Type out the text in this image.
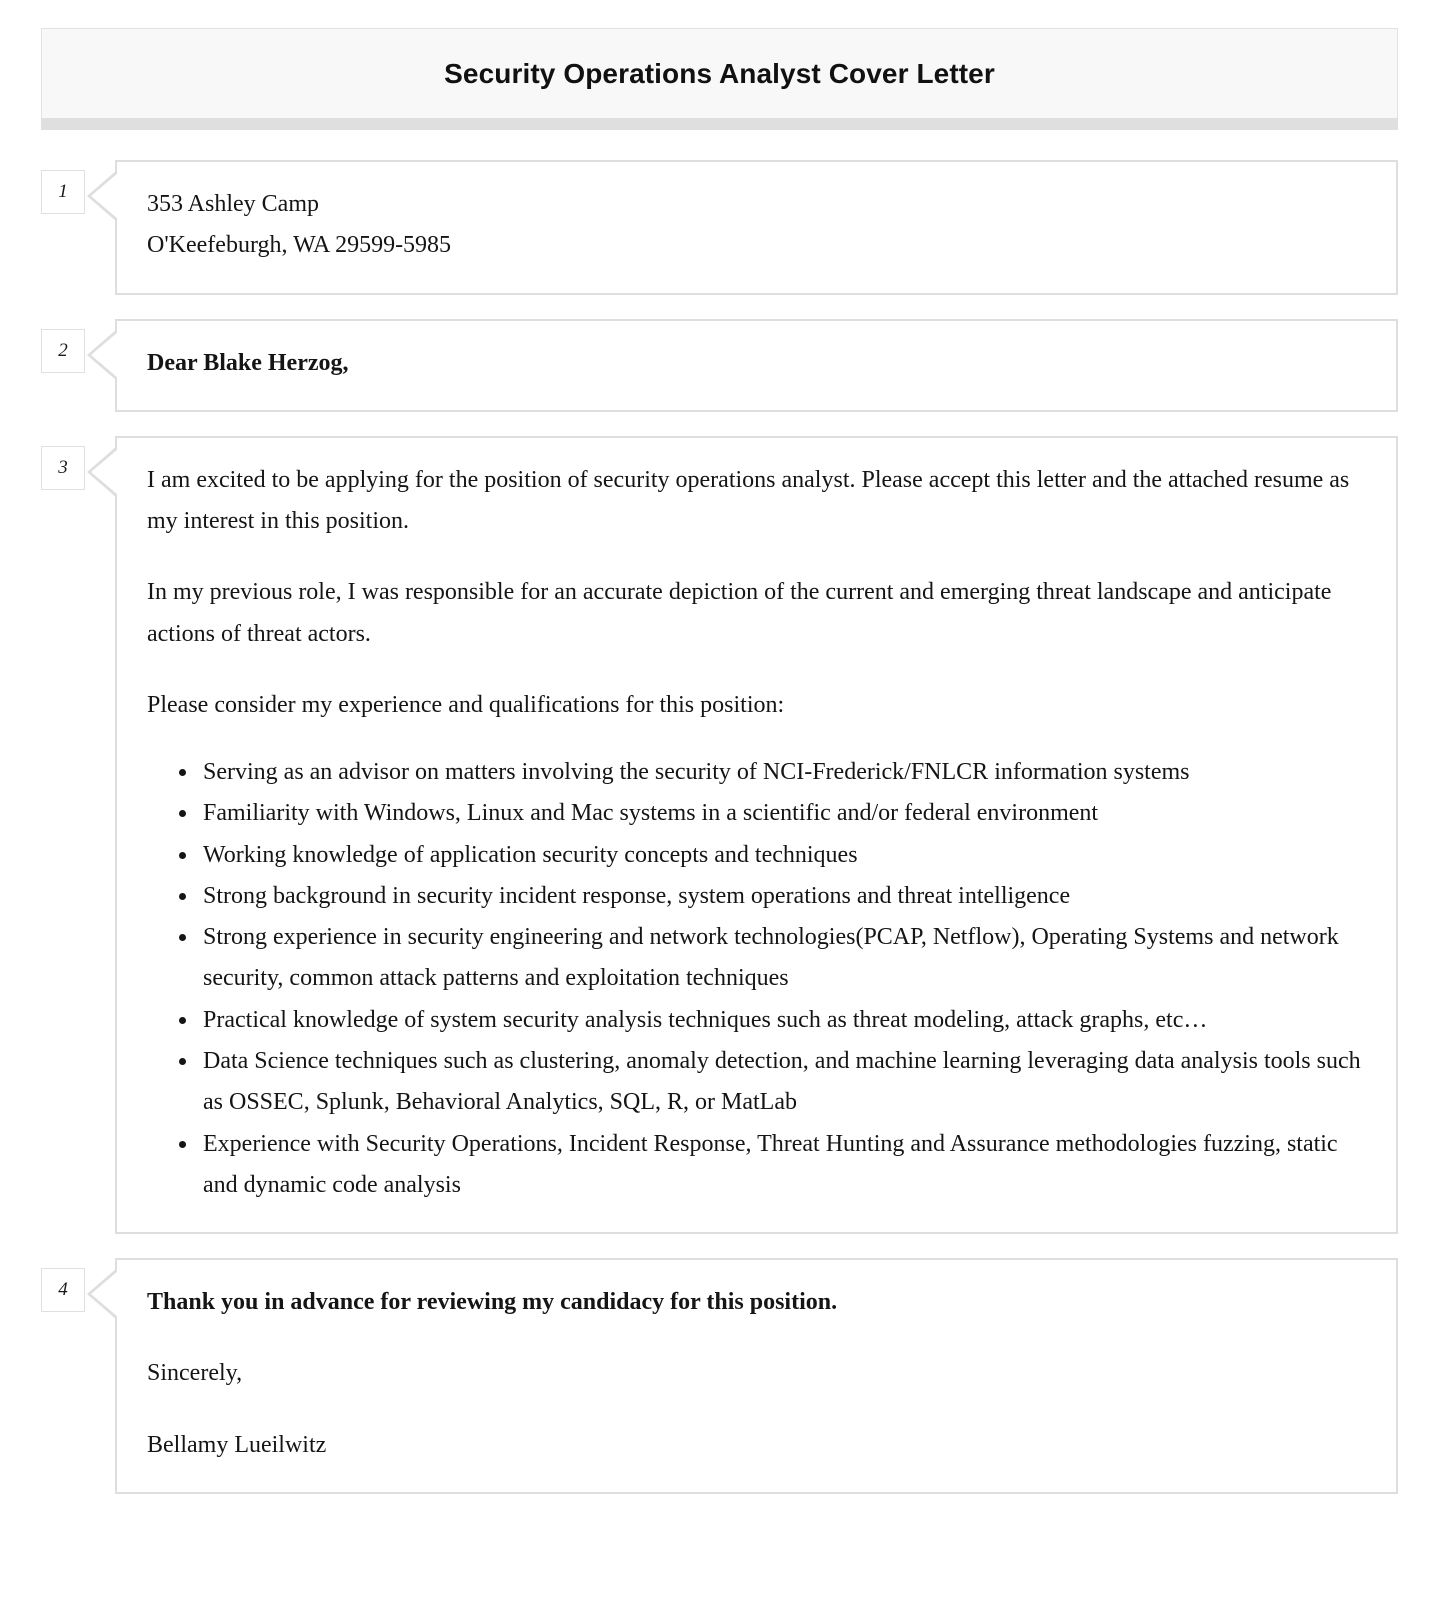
Security Operations Analyst Cover Letter
1	353 Ashley Camp
O'Keefeburgh, WA 29599-5985
2	Dear Blake Herzog,

3	I am excited to be applying for the position of security operations analyst. Please accept this letter and the attached resume as my interest in this position.

In my previous role, I was responsible for an accurate depiction of the current and emerging threat landscape and anticipate actions of threat actors.

Please consider my experience and qualifications for this position:

• Serving as an advisor on matters involving the security of NCI-Frederick/FNLCR information systems
• Familiarity with Windows, Linux and Mac systems in a scientific and/or federal environment
• Working knowledge of application security concepts and techniques
• Strong background in security incident response, system operations and threat intelligence
• Strong experience in security engineering and network technologies(PCAP, Netflow), Operating Systems and network security, common attack patterns and exploitation techniques
• Practical knowledge of system security analysis techniques such as threat modeling, attack graphs, etc…
• Data Science techniques such as clustering, anomaly detection, and machine learning leveraging data analysis tools such as OSSEC, Splunk, Behavioral Analytics, SQL, R, or MatLab
• Experience with Security Operations, Incident Response, Threat Hunting and Assurance methodologies fuzzing, static and dynamic code analysis
4	Thank you in advance for reviewing my candidacy for this position.

Sincerely,

Bellamy Lueilwitz
